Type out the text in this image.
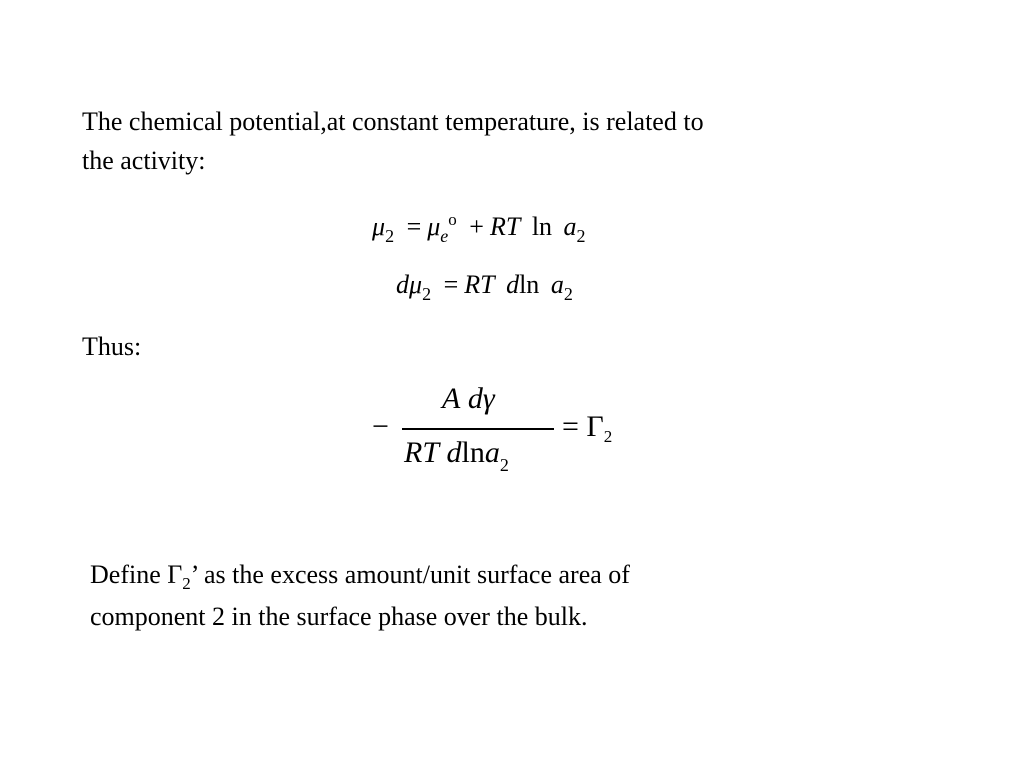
The chemical potential,at constant temperature, is related to
the activity:
$\mu_2 = \mu_e^o$ + RT $\ln a_2$
$d\mu_2$ = RT dln $a_2$
Thus:
−
A dγ
RT dlna$_2$
= $\Gamma_2$
Define $\Gamma_2$’ as the excess amount/unit surface area of
component 2 in the surface phase over the bulk.
